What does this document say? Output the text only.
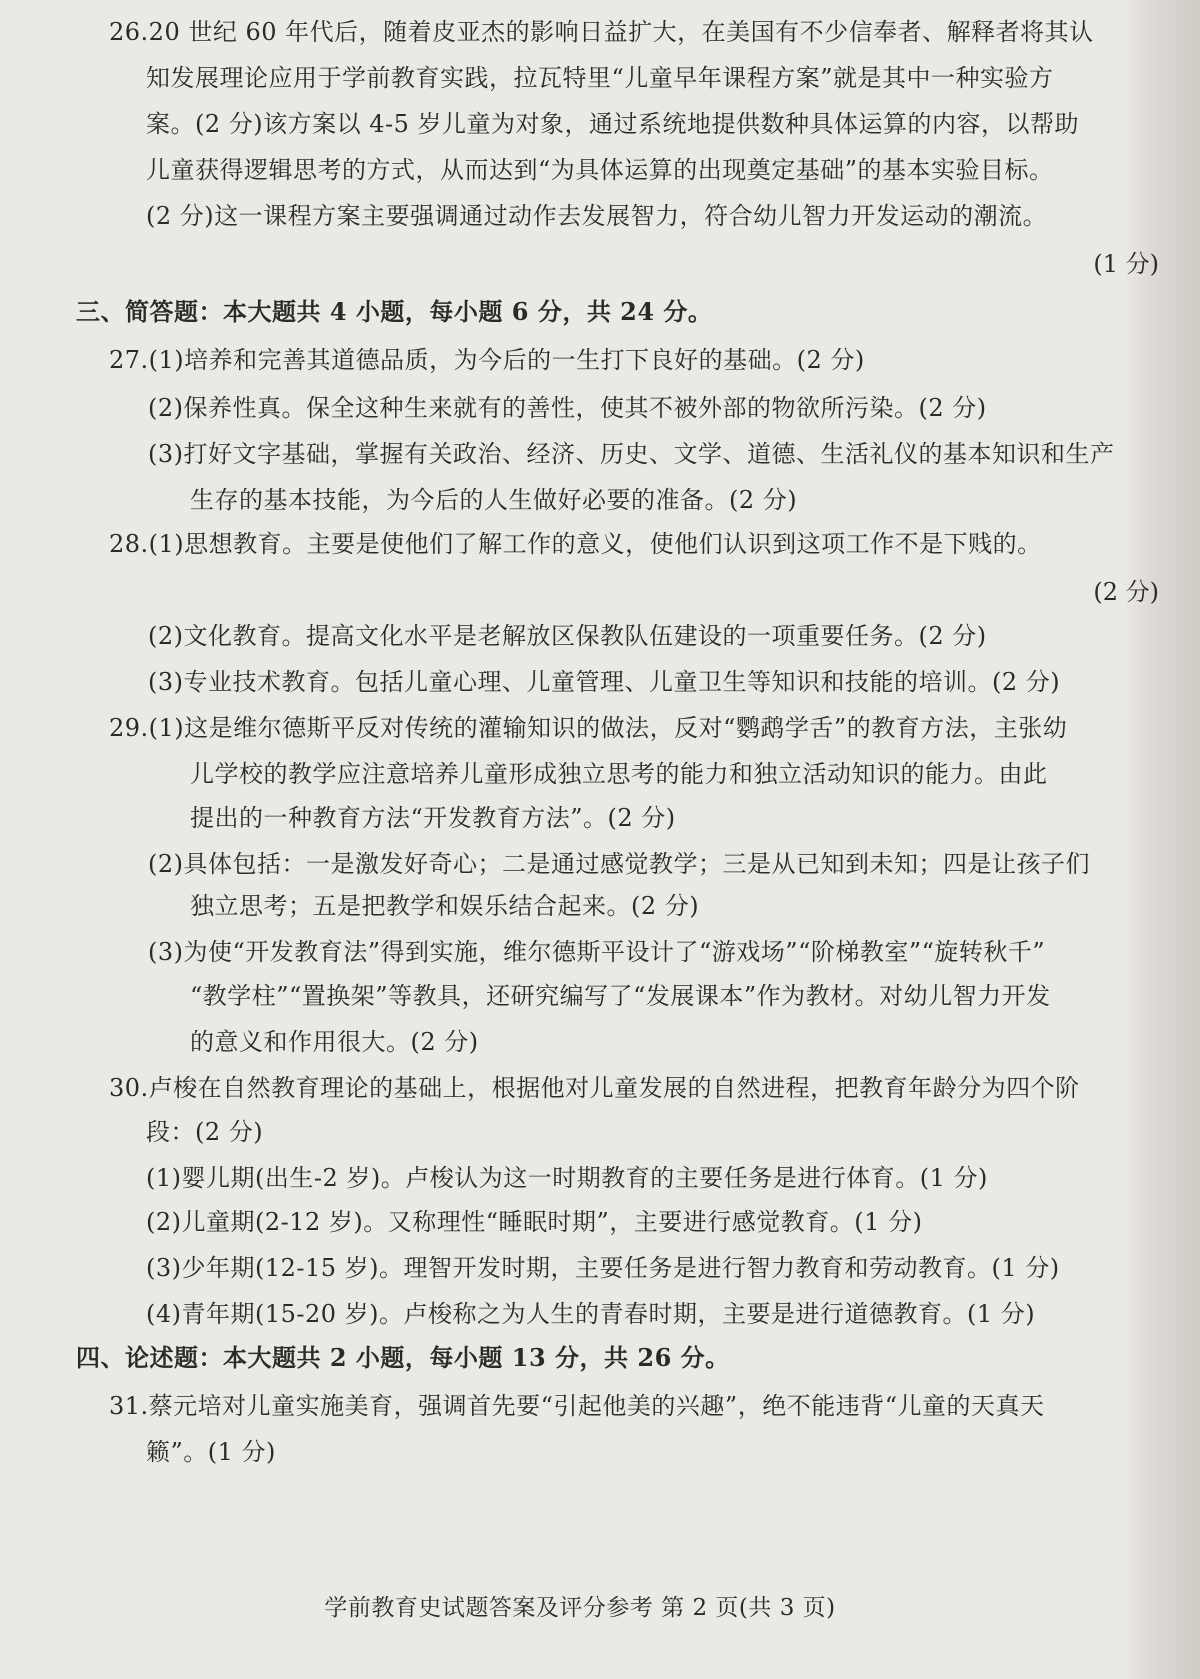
26.20 世纪 60 年代后，随着皮亚杰的影响日益扩大，在美国有不少信奉者、解释者将其认
知发展理论应用于学前教育实践，拉瓦特里“儿童早年课程方案”就是其中一种实验方
案。(2 分)该方案以 4-5 岁儿童为对象，通过系统地提供数种具体运算的内容，以帮助
儿童获得逻辑思考的方式，从而达到“为具体运算的出现奠定基础”的基本实验目标。
(2 分)这一课程方案主要强调通过动作去发展智力，符合幼儿智力开发运动的潮流。
(1 分)
三、简答题：本大题共 4 小题，每小题 6 分，共 24 分。
27.(1)培养和完善其道德品质，为今后的一生打下良好的基础。(2 分)
(2)保养性真。保全这种生来就有的善性，使其不被外部的物欲所污染。(2 分)
(3)打好文字基础，掌握有关政治、经济、历史、文学、道德、生活礼仪的基本知识和生产
生存的基本技能，为今后的人生做好必要的准备。(2 分)
28.(1)思想教育。主要是使他们了解工作的意义，使他们认识到这项工作不是下贱的。
(2 分)
(2)文化教育。提高文化水平是老解放区保教队伍建设的一项重要任务。(2 分)
(3)专业技术教育。包括儿童心理、儿童管理、儿童卫生等知识和技能的培训。(2 分)
29.(1)这是维尔德斯平反对传统的灌输知识的做法，反对“鹦鹉学舌”的教育方法，主张幼
儿学校的教学应注意培养儿童形成独立思考的能力和独立活动知识的能力。由此
提出的一种教育方法“开发教育方法”。(2 分)
(2)具体包括：一是激发好奇心；二是通过感觉教学；三是从已知到未知；四是让孩子们
独立思考；五是把教学和娱乐结合起来。(2 分)
(3)为使“开发教育法”得到实施，维尔德斯平设计了“游戏场”“阶梯教室”“旋转秋千”
“教学柱”“置换架”等教具，还研究编写了“发展课本”作为教材。对幼儿智力开发
的意义和作用很大。(2 分)
30.卢梭在自然教育理论的基础上，根据他对儿童发展的自然进程，把教育年龄分为四个阶
段：(2 分)
(1)婴儿期(出生-2 岁)。卢梭认为这一时期教育的主要任务是进行体育。(1 分)
(2)儿童期(2-12 岁)。又称理性“睡眠时期”，主要进行感觉教育。(1 分)
(3)少年期(12-15 岁)。理智开发时期，主要任务是进行智力教育和劳动教育。(1 分)
(4)青年期(15-20 岁)。卢梭称之为人生的青春时期，主要是进行道德教育。(1 分)
四、论述题：本大题共 2 小题，每小题 13 分，共 26 分。
31.蔡元培对儿童实施美育，强调首先要“引起他美的兴趣”，绝不能违背“儿童的天真天
籁”。(1 分)
学前教育史试题答案及评分参考 第 2 页(共 3 页)
